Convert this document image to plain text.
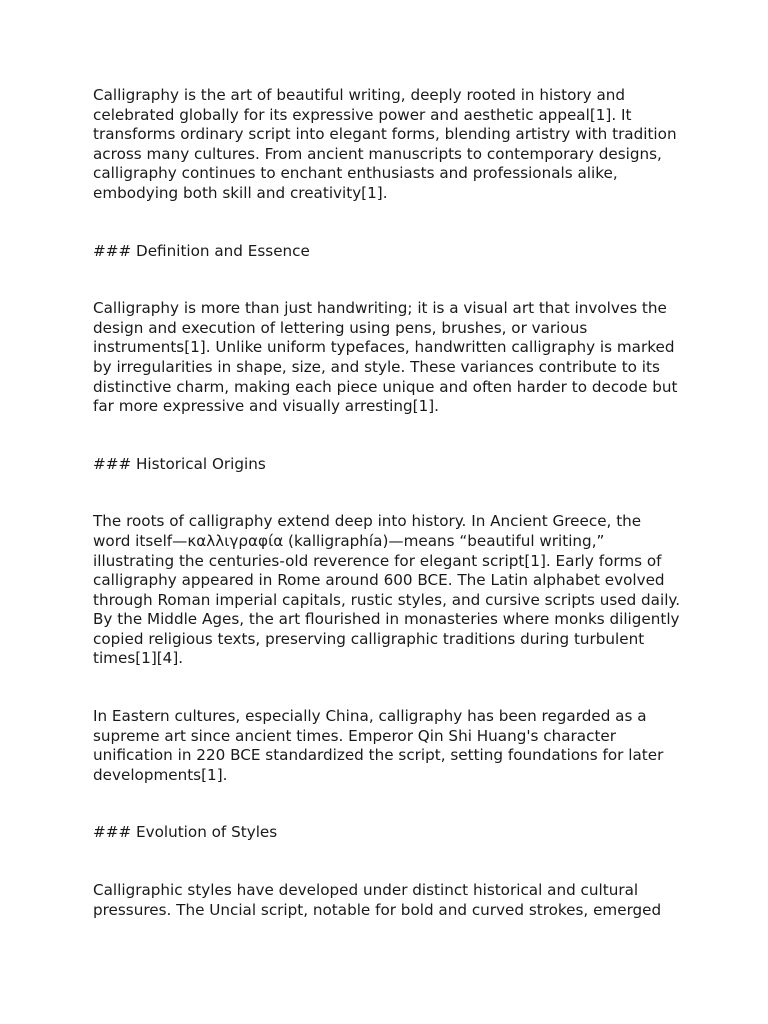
Calligraphy is the art of beautiful writing, deeply rooted in history and celebrated globally for its expressive power and aesthetic appeal[1]. It transforms ordinary script into elegant forms, blending artistry with tradition across many cultures. From ancient manuscripts to contemporary designs, calligraphy continues to enchant enthusiasts and professionals alike, embodying both skill and creativity[1].

### Definition and Essence

Calligraphy is more than just handwriting; it is a visual art that involves the design and execution of lettering using pens, brushes, or various instruments[1]. Unlike uniform typefaces, handwritten calligraphy is marked by irregularities in shape, size, and style. These variances contribute to its distinctive charm, making each piece unique and often harder to decode but far more expressive and visually arresting[1].

### Historical Origins

The roots of calligraphy extend deep into history. In Ancient Greece, the word itself—καλλιγραφία (kalligraphía)—means “beautiful writing,” illustrating the centuries-old reverence for elegant script[1]. Early forms of calligraphy appeared in Rome around 600 BCE. The Latin alphabet evolved through Roman imperial capitals, rustic styles, and cursive scripts used daily. By the Middle Ages, the art flourished in monasteries where monks diligently copied religious texts, preserving calligraphic traditions during turbulent times[1][4].

In Eastern cultures, especially China, calligraphy has been regarded as a supreme art since ancient times. Emperor Qin Shi Huang's character unification in 220 BCE standardized the script, setting foundations for later developments[1].

### Evolution of Styles

Calligraphic styles have developed under distinct historical and cultural pressures. The Uncial script, notable for bold and curved strokes, emerged
